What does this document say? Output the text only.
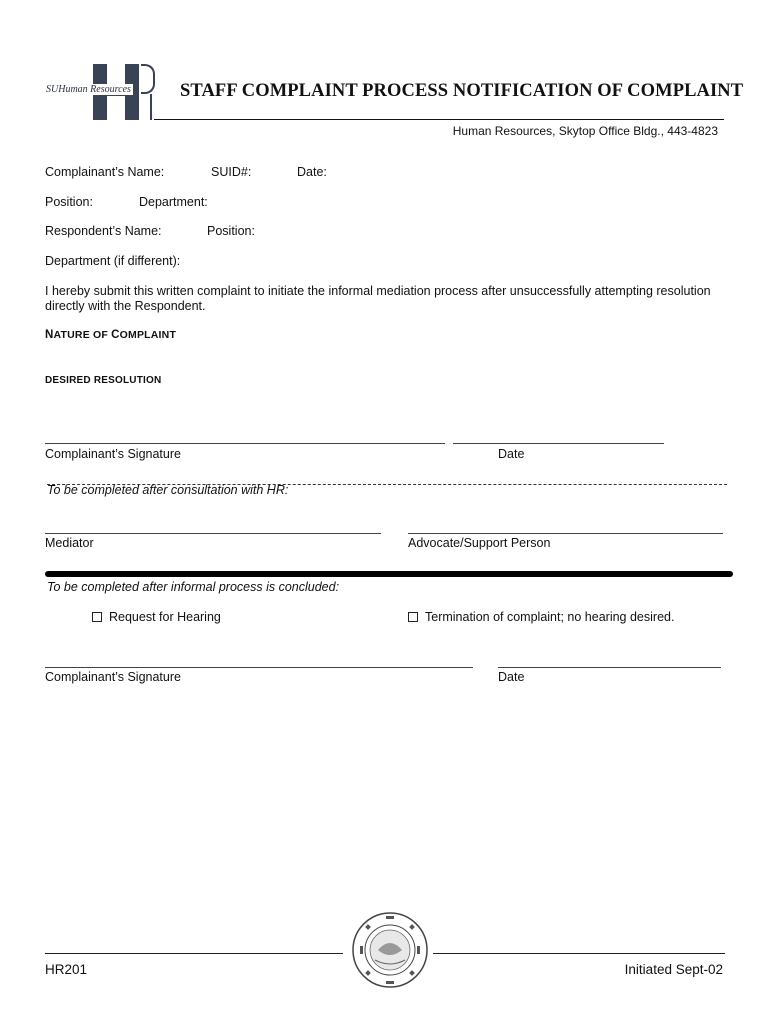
SUHuman Resources	STAFF COMPLAINT PROCESS NOTIFICATION OF COMPLAINT
Human Resources, Skytop Office Bldg., 443-4823
Complainant’s Name:	SUID#:	Date:
Position:	Department:
Respondent’s Name:	Position:
Department (if different):
I hereby submit this written complaint to initiate the informal mediation process after unsuccessfully attempting resolution directly with the Respondent.
NATURE OF COMPLAINT
DESIRED RESOLUTION
Complainant’s Signature	Date
To be completed after consultation with HR:
Mediator	Advocate/Support Person
To be completed after informal process is concluded:
Request for Hearing	Termination of complaint; no hearing desired.
Complainant’s Signature	Date
HR201	Initiated Sept-02
